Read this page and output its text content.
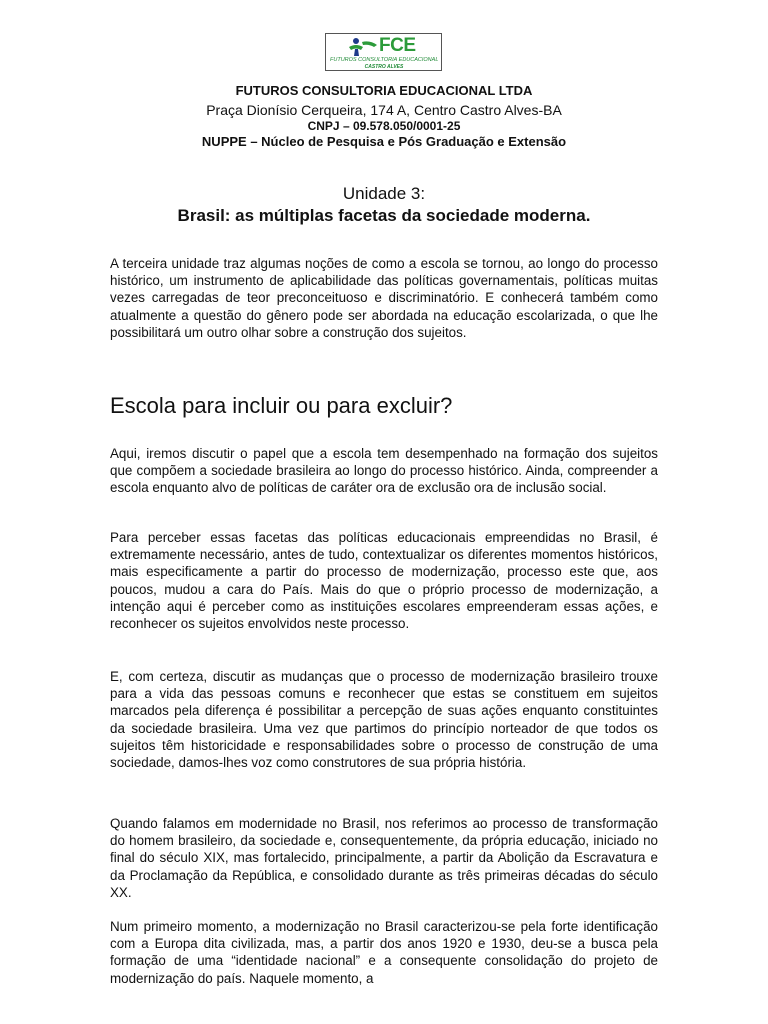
FCE
FUTUROS CONSULTORIA EDUCACIONAL
CASTRO ALVES
FUTUROS CONSULTORIA EDUCACIONAL LTDA
Praça Dionísio Cerqueira, 174 A, Centro Castro Alves-BA
CNPJ – 09.578.050/0001-25
NUPPE – Núcleo de Pesquisa e Pós Graduação e Extensão
Unidade 3:
Brasil: as múltiplas facetas da sociedade moderna.

A terceira unidade traz algumas noções de como a escola se tornou, ao longo do processo histórico, um instrumento de aplicabilidade das políticas governamentais, políticas muitas vezes carregadas de teor preconceituoso e discriminatório. E conhecerá também como atualmente a questão do gênero pode ser abordada na educação escolarizada, o que lhe possibilitará um outro olhar sobre a construção dos sujeitos.

Escola para incluir ou para excluir?

Aqui, iremos discutir o papel que a escola tem desempenhado na formação dos sujeitos que compõem a sociedade brasileira ao longo do processo histórico. Ainda, compreender a escola enquanto alvo de políticas de caráter ora de exclusão ora de inclusão social.

Para perceber essas facetas das políticas educacionais empreendidas no Brasil, é extremamente necessário, antes de tudo, contextualizar os diferentes momentos históricos, mais especificamente a partir do processo de modernização, processo este que, aos poucos, mudou a cara do País. Mais do que o próprio processo de modernização, a intenção aqui é perceber como as instituições escolares empreenderam essas ações, e reconhecer os sujeitos envolvidos neste processo.

E, com certeza, discutir as mudanças que o processo de modernização brasileiro trouxe para a vida das pessoas comuns e reconhecer que estas se constituem em sujeitos marcados pela diferença é possibilitar a percepção de suas ações enquanto constituintes da sociedade brasileira. Uma vez que partimos do princípio norteador de que todos os sujeitos têm historicidade e responsabilidades sobre o processo de construção de uma sociedade, damos-lhes voz como construtores de sua própria história.

Quando falamos em modernidade no Brasil, nos referimos ao processo de transformação do homem brasileiro, da sociedade e, consequentemente, da própria educação, iniciado no final do século XIX, mas fortalecido, principalmente, a partir da Abolição da Escravatura e da Proclamação da República, e consolidado durante as três primeiras décadas do século XX.

Num primeiro momento, a modernização no Brasil caracterizou-se pela forte identificação com a Europa dita civilizada, mas, a partir dos anos 1920 e 1930, deu-se a busca pela formação de uma “identidade nacional” e a consequente consolidação do projeto de modernização do país. Naquele momento, a
